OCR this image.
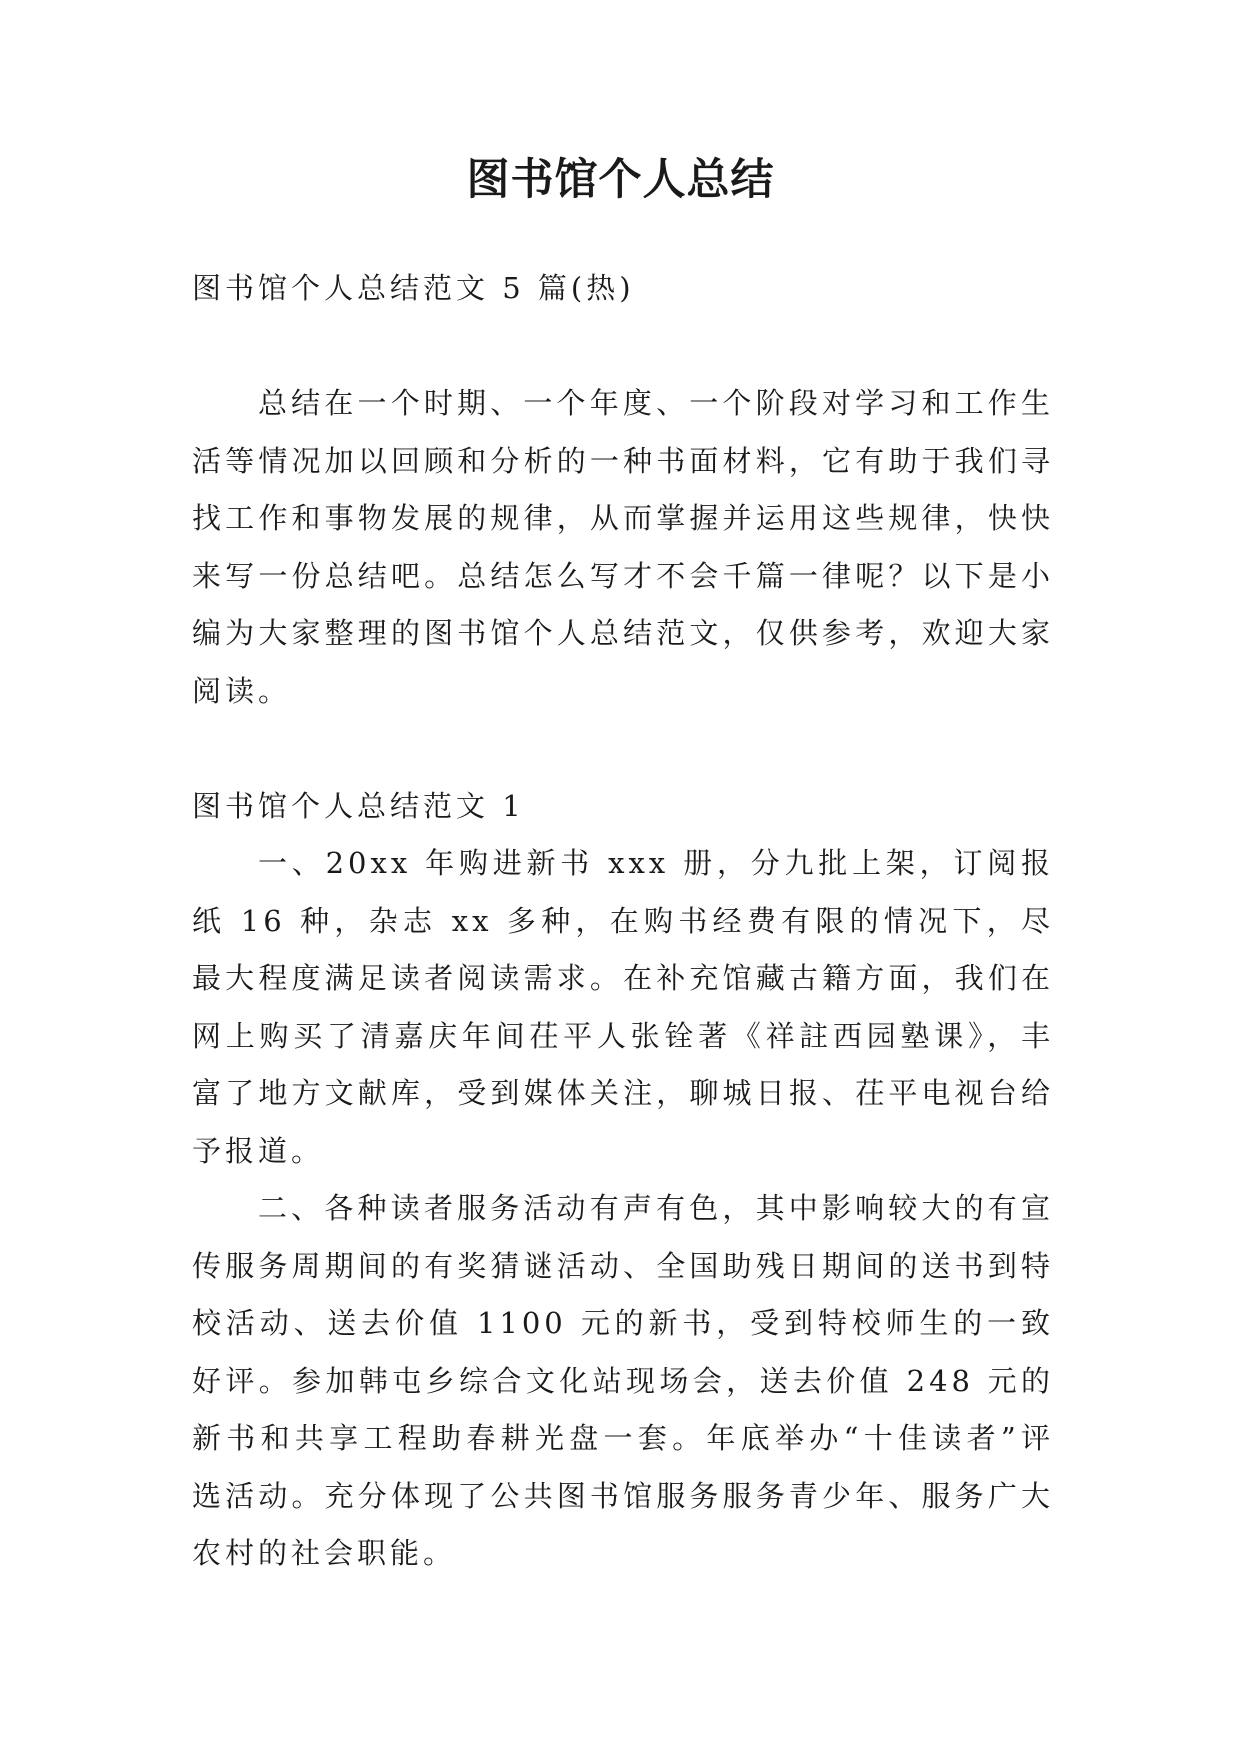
图书馆个人总结

图书馆个人总结范文 5 篇(热)

总结在一个时期、一个年度、一个阶段对学习和工作生活等情况加以回顾和分析的一种书面材料，它有助于我们寻找工作和事物发展的规律，从而掌握并运用这些规律，快快来写一份总结吧。总结怎么写才不会千篇一律呢？以下是小编为大家整理的图书馆个人总结范文，仅供参考，欢迎大家阅读。

图书馆个人总结范文 1

一、20xx 年购进新书 xxx 册，分九批上架，订阅报纸 16 种，杂志 xx 多种，在购书经费有限的情况下，尽最大程度满足读者阅读需求。在补充馆藏古籍方面，我们在网上购买了清嘉庆年间茌平人张铨著《祥註西园塾课》，丰富了地方文献库，受到媒体关注，聊城日报、茌平电视台给予报道。

二、各种读者服务活动有声有色，其中影响较大的有宣传服务周期间的有奖猜谜活动、全国助残日期间的送书到特校活动、送去价值 1100 元的新书，受到特校师生的一致好评。参加韩屯乡综合文化站现场会，送去价值 248 元的新书和共享工程助春耕光盘一套。年底举办“十佳读者”评选活动。充分体现了公共图书馆服务服务青少年、服务广大农村的社会职能。
